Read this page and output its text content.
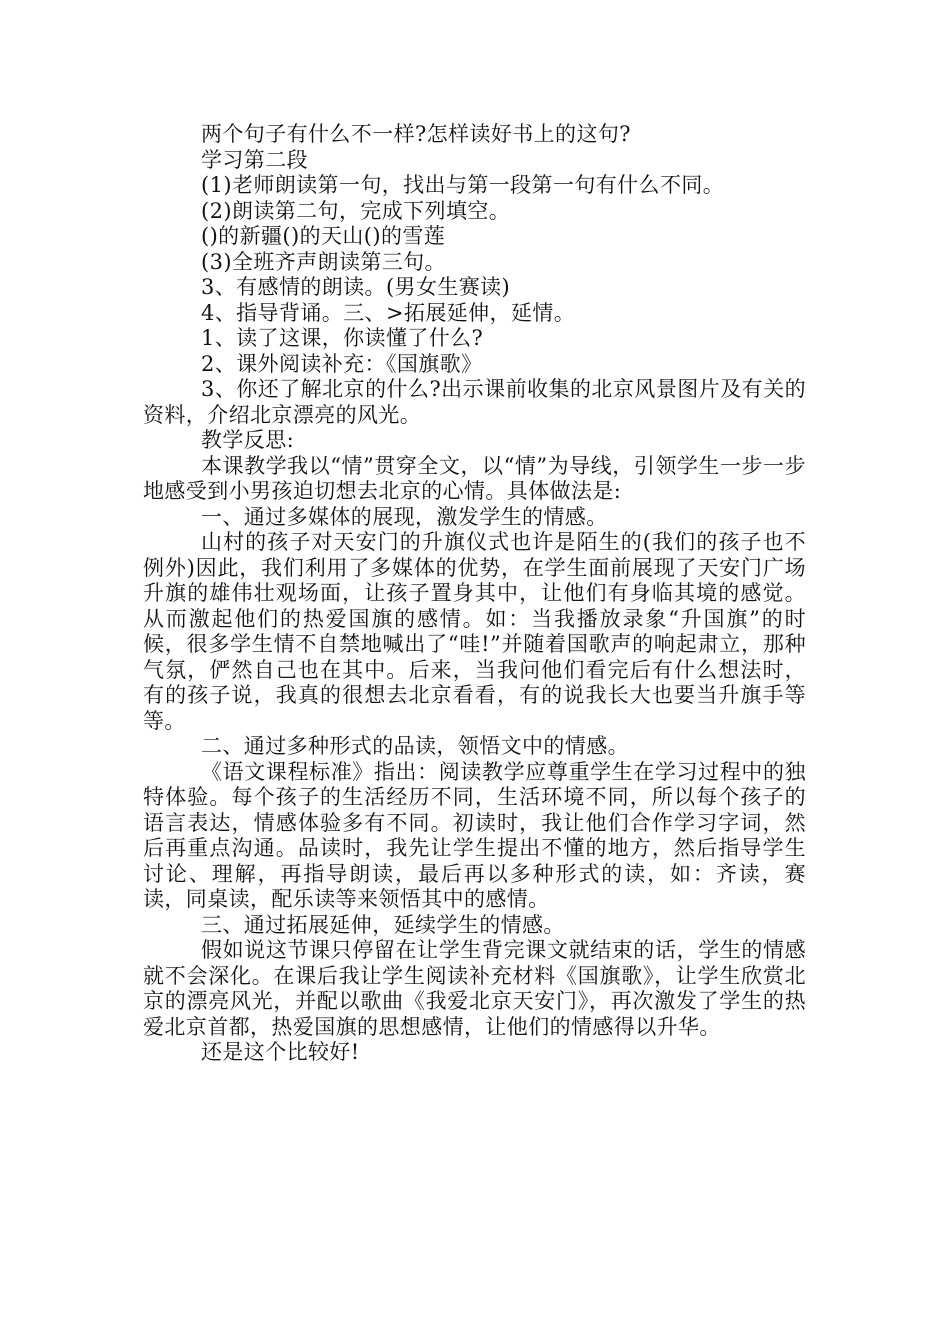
两个句子有什么不一样?怎样读好书上的这句?

学习第二段

(1)老师朗读第一句，找出与第一段第一句有什么不同。

(2)朗读第二句，完成下列填空。

()的新疆()的天山()的雪莲

(3)全班齐声朗读第三句。

3、有感情的朗读。(男女生赛读)

4、指导背诵。三、>拓展延伸，延情。

1、读了这课，你读懂了什么?

2、课外阅读补充：《国旗歌》

3、你还了解北京的什么?出示课前收集的北京风景图片及有关的资料，介绍北京漂亮的风光。

教学反思:

本课教学我以“情”贯穿全文，以“情”为导线，引领学生一步一步地感受到小男孩迫切想去北京的心情。具体做法是:

一、通过多媒体的展现，激发学生的情感。

山村的孩子对天安门的升旗仪式也许是陌生的(我们的孩子也不例外)因此，我们利用了多媒体的优势，在学生面前展现了天安门广场升旗的雄伟壮观场面，让孩子置身其中，让他们有身临其境的感觉。从而激起他们的热爱国旗的感情。如：当我播放录象“升国旗”的时候，很多学生情不自禁地喊出了“哇!”并随着国歌声的响起肃立，那种气氛，俨然自己也在其中。后来，当我问他们看完后有什么想法时，有的孩子说，我真的很想去北京看看，有的说我长大也要当升旗手等等。

二、通过多种形式的品读，领悟文中的情感。

《语文课程标准》指出：阅读教学应尊重学生在学习过程中的独特体验。每个孩子的生活经历不同，生活环境不同，所以每个孩子的语言表达，情感体验多有不同。初读时，我让他们合作学习字词，然后再重点沟通。品读时，我先让学生提出不懂的地方，然后指导学生讨论、理解，再指导朗读，最后再以多种形式的读，如：齐读，赛读，同桌读，配乐读等来领悟其中的感情。

三、通过拓展延伸，延续学生的情感。

假如说这节课只停留在让学生背完课文就结束的话，学生的情感就不会深化。在课后我让学生阅读补充材料《国旗歌》，让学生欣赏北京的漂亮风光，并配以歌曲《我爱北京天安门》，再次激发了学生的热爱北京首都，热爱国旗的思想感情，让他们的情感得以升华。

还是这个比较好!
